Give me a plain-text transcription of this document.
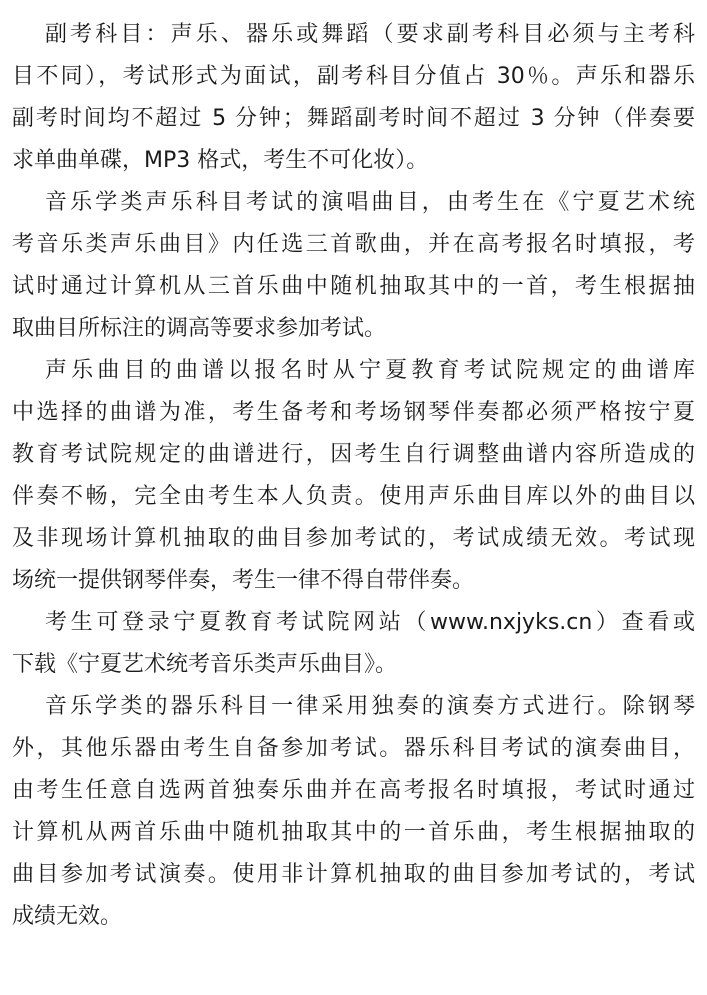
副考科目：声乐、器乐或舞蹈（要求副考科目必须与主考科
目不同），考试形式为面试，副考科目分值占 30％。声乐和器乐
副考时间均不超过 5 分钟；舞蹈副考时间不超过 3 分钟（伴奏要
求单曲单碟，MP3 格式，考生不可化妆）。
音乐学类声乐科目考试的演唱曲目，由考生在《宁夏艺术统
考音乐类声乐曲目》内任选三首歌曲，并在高考报名时填报，考
试时通过计算机从三首乐曲中随机抽取其中的一首，考生根据抽
取曲目所标注的调高等要求参加考试。
声乐曲目的曲谱以报名时从宁夏教育考试院规定的曲谱库
中选择的曲谱为准，考生备考和考场钢琴伴奏都必须严格按宁夏
教育考试院规定的曲谱进行，因考生自行调整曲谱内容所造成的
伴奏不畅，完全由考生本人负责。使用声乐曲目库以外的曲目以
及非现场计算机抽取的曲目参加考试的，考试成绩无效。考试现
场统一提供钢琴伴奏，考生一律不得自带伴奏。
考生可登录宁夏教育考试院网站（www.nxjyks.cn）查看或
下载《宁夏艺术统考音乐类声乐曲目》。
音乐学类的器乐科目一律采用独奏的演奏方式进行。除钢琴
外，其他乐器由考生自备参加考试。器乐科目考试的演奏曲目，
由考生任意自选两首独奏乐曲并在高考报名时填报，考试时通过
计算机从两首乐曲中随机抽取其中的一首乐曲，考生根据抽取的
曲目参加考试演奏。使用非计算机抽取的曲目参加考试的，考试
成绩无效。
